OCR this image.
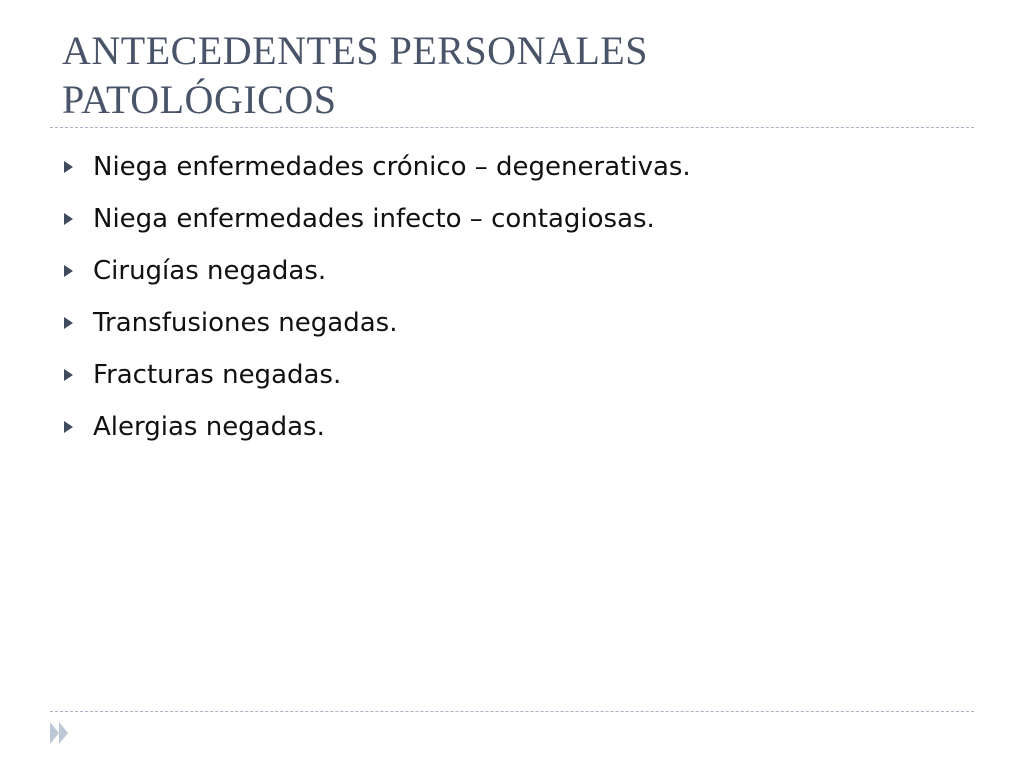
ANTECEDENTES PERSONALES
PATOLÓGICOS
Niega enfermedades crónico – degenerativas.
Niega enfermedades infecto – contagiosas.
Cirugías negadas.
Transfusiones negadas.
Fracturas negadas.
Alergias negadas.
